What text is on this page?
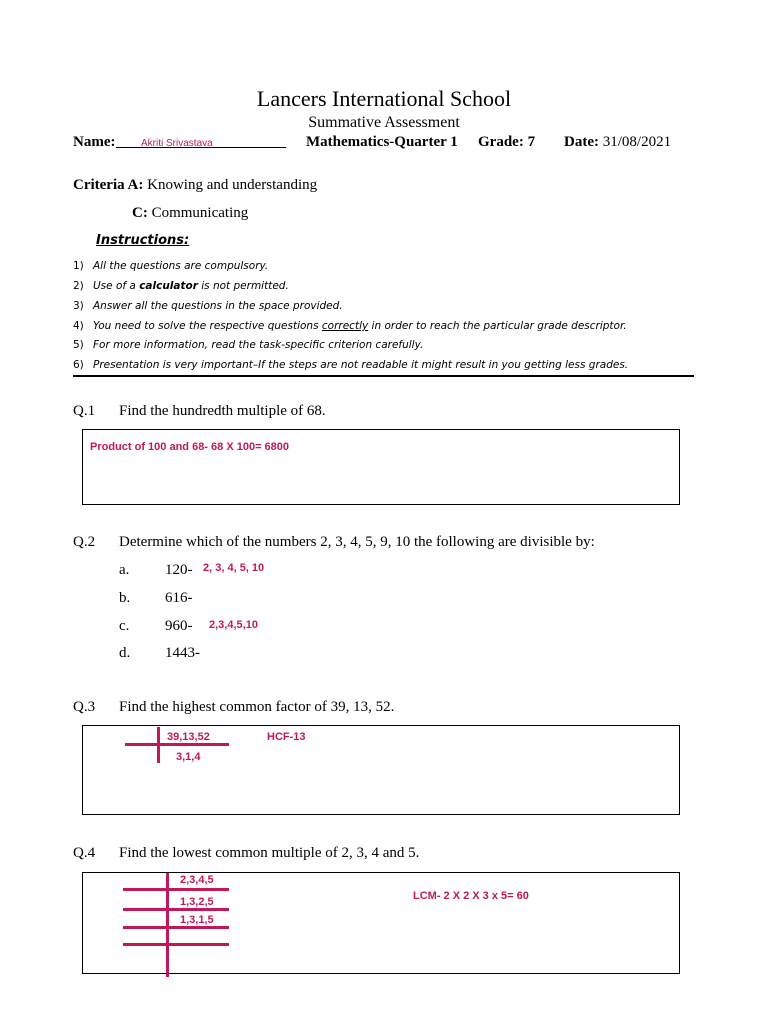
Lancers International School
Summative Assessment
Name:	Akriti Srivastava	Mathematics-Quarter 1 Grade: 7 Date: 31/08/2021
Criteria A: Knowing and understanding
C: Communicating
Instructions:
1) All the questions are compulsory.
2) Use of a calculator is not permitted.
3) Answer all the questions in the space provided.
4) You need to solve the respective questions correctly in order to reach the particular grade descriptor.
5) For more information, read the task-specific criterion carefully.
6) Presentation is very important–If the steps are not readable it might result in you getting less grades.
Q.1 Find the hundredth multiple of 68.
Product of 100 and 68- 68 X 100= 6800
Q.2 Determine which of the numbers 2, 3, 4, 5, 9, 10 the following are divisible by:
a. 120- 2, 3, 4, 5, 10
b. 616-
c. 960- 2,3,4,5,10
d. 1443-
Q.3 Find the highest common factor of 39, 13, 52.
39,13,52
3,1,4
HCF-13
Q.4 Find the lowest common multiple of 2, 3, 4 and 5.
2,3,4,5
1,3,2,5
1,3,1,5
LCM- 2 X 2 X 3 x 5= 60
